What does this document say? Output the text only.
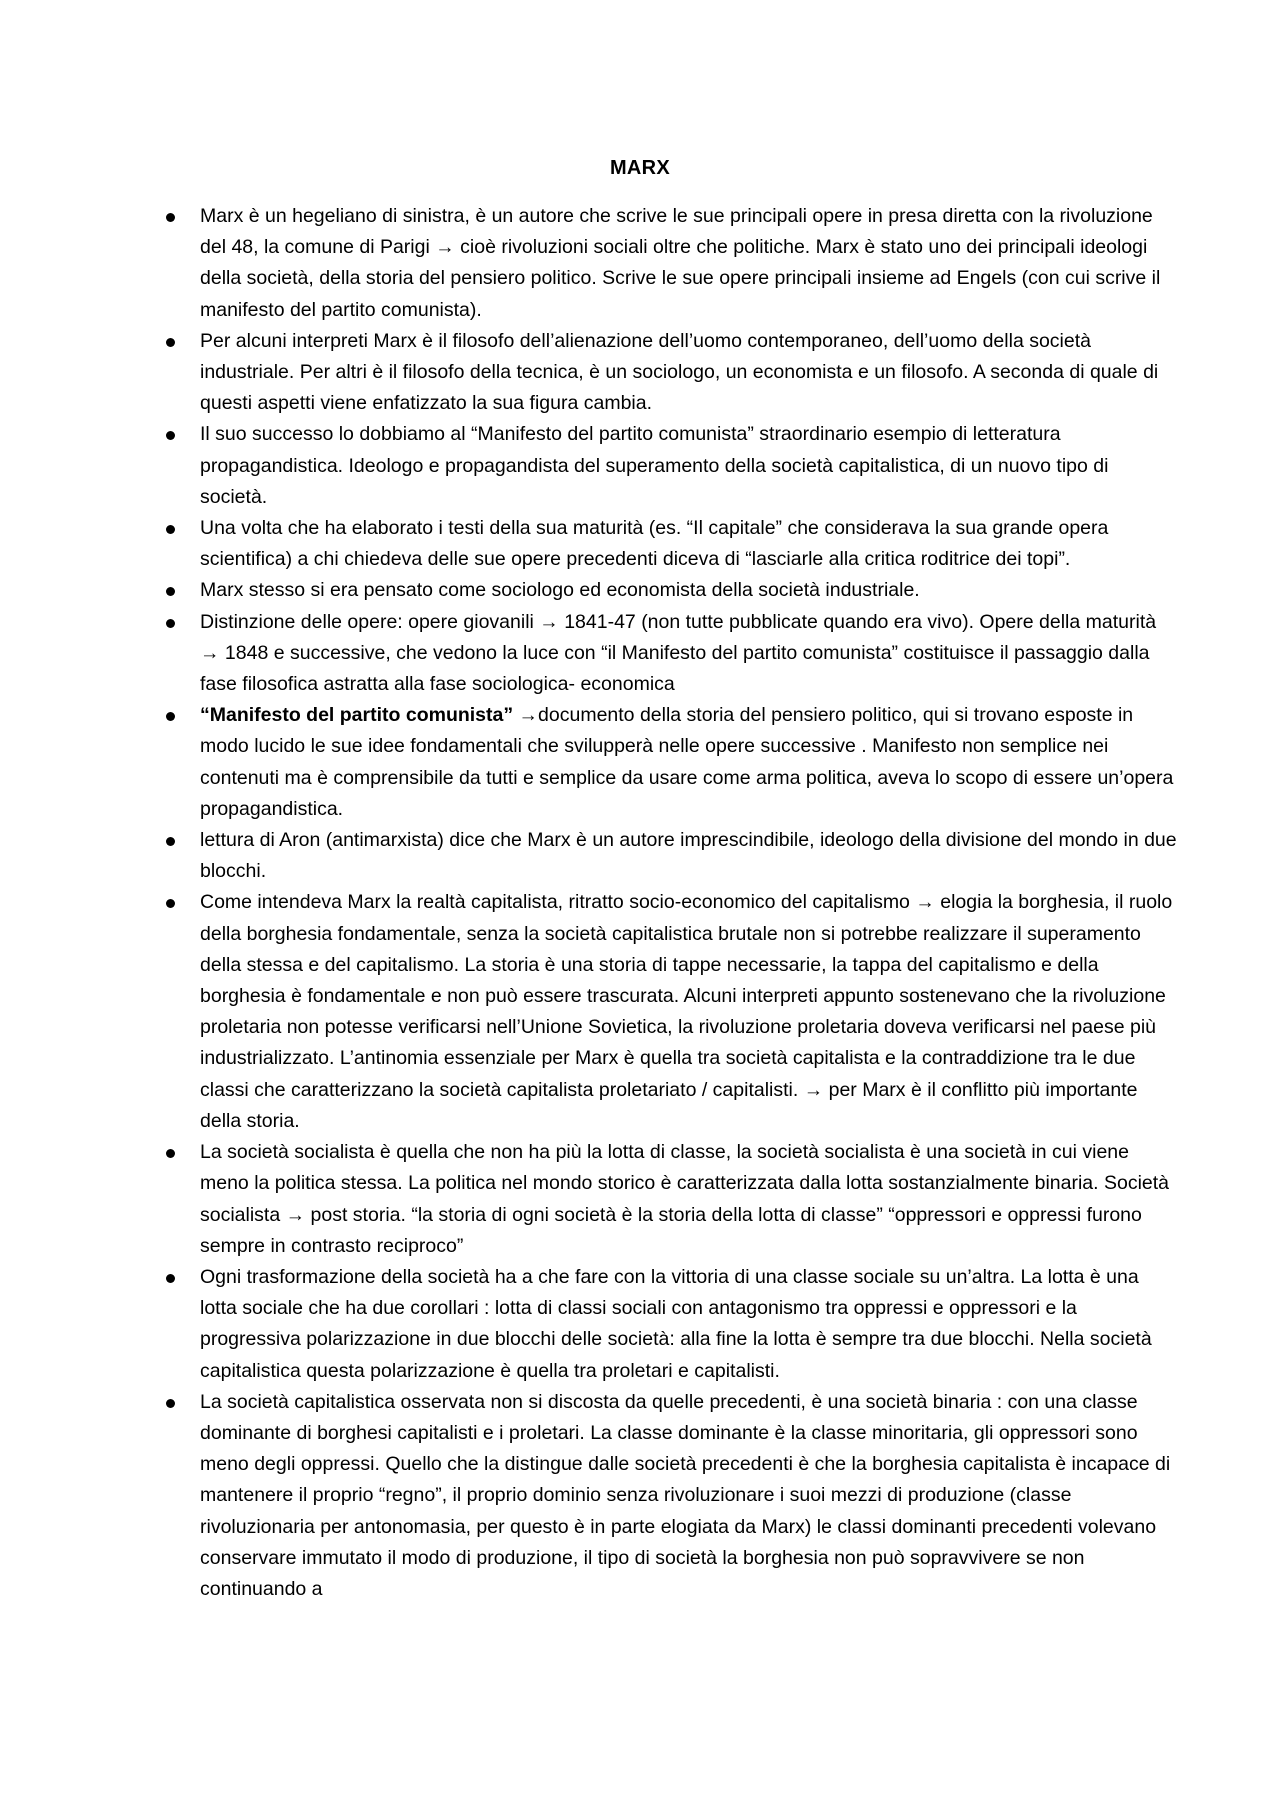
MARX
Marx è un hegeliano di sinistra, è un autore che scrive le sue principali opere in presa diretta con la rivoluzione del 48, la comune di Parigi → cioè rivoluzioni sociali oltre che politiche. Marx è stato uno dei principali ideologi della società, della storia del pensiero politico. Scrive le sue opere principali insieme ad Engels (con cui scrive il manifesto del partito comunista).
Per alcuni interpreti Marx è il filosofo dell’alienazione dell’uomo contemporaneo, dell’uomo della società industriale. Per altri è il filosofo della tecnica, è un sociologo, un economista e un filosofo. A seconda di quale di questi aspetti viene enfatizzato la sua figura cambia.
Il suo successo lo dobbiamo al “Manifesto del partito comunista” straordinario esempio di letteratura propagandistica. Ideologo e propagandista del superamento della società capitalistica, di un nuovo tipo di società.
Una volta che ha elaborato i testi della sua maturità (es. “Il capitale” che considerava la sua grande opera scientifica) a chi chiedeva delle sue opere precedenti diceva di “lasciarle alla critica roditrice dei topi”.
Marx stesso si era pensato come sociologo ed economista della società industriale.
Distinzione delle opere: opere giovanili → 1841-47 (non tutte pubblicate quando era vivo). Opere della maturità → 1848 e successive, che vedono la luce con “il Manifesto del partito comunista” costituisce il passaggio dalla fase filosofica astratta alla fase sociologica- economica
“Manifesto del partito comunista” →documento della storia del pensiero politico, qui si trovano esposte in modo lucido le sue idee fondamentali che svilupperà nelle opere successive . Manifesto non semplice nei contenuti ma è comprensibile da tutti e semplice da usare come arma politica, aveva lo scopo di essere un’opera propagandistica.
lettura di Aron (antimarxista) dice che Marx è un autore imprescindibile, ideologo della divisione del mondo in due blocchi.
Come intendeva Marx la realtà capitalista, ritratto socio-economico del capitalismo → elogia la borghesia, il ruolo della borghesia fondamentale, senza la società capitalistica brutale non si potrebbe realizzare il superamento della stessa e del capitalismo. La storia è una storia di tappe necessarie, la tappa del capitalismo e della borghesia è fondamentale e non può essere trascurata. Alcuni interpreti appunto sostenevano che la rivoluzione proletaria non potesse verificarsi nell’Unione Sovietica, la rivoluzione proletaria doveva verificarsi nel paese più industrializzato. L’antinomia essenziale per Marx è quella tra società capitalista e la contraddizione tra le due classi che caratterizzano la società capitalista proletariato / capitalisti. → per Marx è il conflitto più importante della storia.
La società socialista è quella che non ha più la lotta di classe, la società socialista è una società in cui viene meno la politica stessa. La politica nel mondo storico è caratterizzata dalla lotta sostanzialmente binaria. Società socialista → post storia. “la storia di ogni società è la storia della lotta di classe” “oppressori e oppressi furono sempre in contrasto reciproco”
Ogni trasformazione della società ha a che fare con la vittoria di una classe sociale su un’altra. La lotta è una lotta sociale che ha due corollari : lotta di classi sociali con antagonismo tra oppressi e oppressori e la progressiva polarizzazione in due blocchi delle società: alla fine la lotta è sempre tra due blocchi. Nella società capitalistica questa polarizzazione è quella tra proletari e capitalisti.
La società capitalistica osservata non si discosta da quelle precedenti, è una società binaria : con una classe dominante di borghesi capitalisti e i proletari. La classe dominante è la classe minoritaria, gli oppressori sono meno degli oppressi. Quello che la distingue dalle società precedenti è che la borghesia capitalista è incapace di mantenere il proprio “regno”, il proprio dominio senza rivoluzionare i suoi mezzi di produzione (classe rivoluzionaria per antonomasia, per questo è in parte elogiata da Marx) le classi dominanti precedenti volevano conservare immutato il modo di produzione, il tipo di società la borghesia non può sopravvivere se non continuando a
